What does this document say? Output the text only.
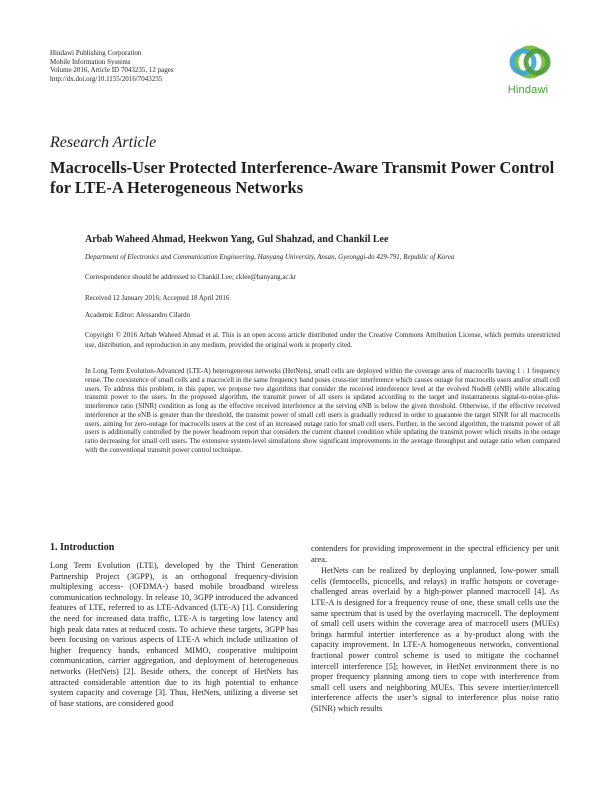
Hindawi Publishing Corporation
Mobile Information Systems
Volume 2016, Article ID 7043235, 12 pages
http://dx.doi.org/10.1155/2016/7043235
Hindawi
Research Article
Macrocells-User Protected Interference-Aware Transmit Power Control for LTE-A Heterogeneous Networks
Arbab Waheed Ahmad, Heekwon Yang, Gul Shahzad, and Chankil Lee
Department of Electronics and Communication Engineering, Hanyang University, Ansan, Gyeonggi-do 429-791, Republic of Korea
Correspondence should be addressed to Chankil Lee; cklee@hanyang.ac.kr
Received 12 January 2016; Accepted 18 April 2016
Academic Editor: Alessandro Cilardo
Copyright © 2016 Arbab Waheed Ahmad et al. This is an open access article distributed under the Creative Commons Attribution License, which permits unrestricted use, distribution, and reproduction in any medium, provided the original work is properly cited.
In Long Term Evolution-Advanced (LTE-A) heterogeneous networks (HetNets), small cells are deployed within the coverage area of macrocells having 1 : 1 frequency reuse. The coexistence of small cells and a macrocell in the same frequency band poses cross-tier interference which causes outage for macrocells users and/or small cell users. To address this problem, in this paper, we propose two algorithms that consider the received interference level at the evolved NodeB (eNB) while allocating transmit power to the users. In the proposed algorithm, the transmit power of all users is updated according to the target and instantaneous signal-to-noise-plus-interference ratio (SINR) condition as long as the effective received interference at the serving eNB is below the given threshold. Otherwise, if the effective received interference at the eNB is greater than the threshold, the transmit power of small cell users is gradually reduced in order to guarantee the target SINR for all macrocells users, aiming for zero-outage for macrocells users at the cost of an increased outage ratio for small cell users. Further, in the second algorithm, the transmit power of all users is additionally controlled by the power headroom report that considers the current channel condition while updating the transmit power which results in the outage ratio decreasing for small cell users. The extensive system-level simulations show significant improvements in the average throughput and outage ratio when compared with the conventional transmit power control technique.
1. Introduction

Long Term Evolution (LTE), developed by the Third Generation Partnership Project (3GPP), is an orthogonal frequency-division multiplexing access- (OFDMA-) based mobile broadband wireless communication technology. In release 10, 3GPP introduced the advanced features of LTE, referred to as LTE-Advanced (LTE-A) [1]. Considering the need for increased data traffic, LTE-A is targeting low latency and high peak data rates at reduced costs. To achieve these targets, 3GPP has been focusing on various aspects of LTE-A which include utilization of higher frequency bands, enhanced MIMO, cooperative multipoint communication, carrier aggregation, and deployment of heterogeneous networks (HetNets) [2]. Beside others, the concept of HetNets has attracted considerable attention due to its high potential to enhance system capacity and coverage [3]. Thus, HetNets, utilizing a diverse set of base stations, are considered good

contenders for providing improvement in the spectral efficiency per unit area.

HetNets can be realized by deploying unplanned, low-power small cells (femtocells, picocells, and relays) in traffic hotspots or coverage-challenged areas overlaid by a high-power planned macrocell [4]. As LTE-A is designed for a frequency reuse of one, these small cells use the same spectrum that is used by the overlaying macrocell. The deployment of small cell users within the coverage area of macrocell users (MUEs) brings harmful intertier interference as a by-product along with the capacity improvement. In LTE-A homogeneous networks, conventional fractional power control scheme is used to mitigate the cochannel intercell interference [5]; however, in HetNet environment there is no proper frequency planning among tiers to cope with interference from small cell users and neighboring MUEs. This severe intertier/intercell interference affects the user’s signal to interference plus noise ratio (SINR) which results
